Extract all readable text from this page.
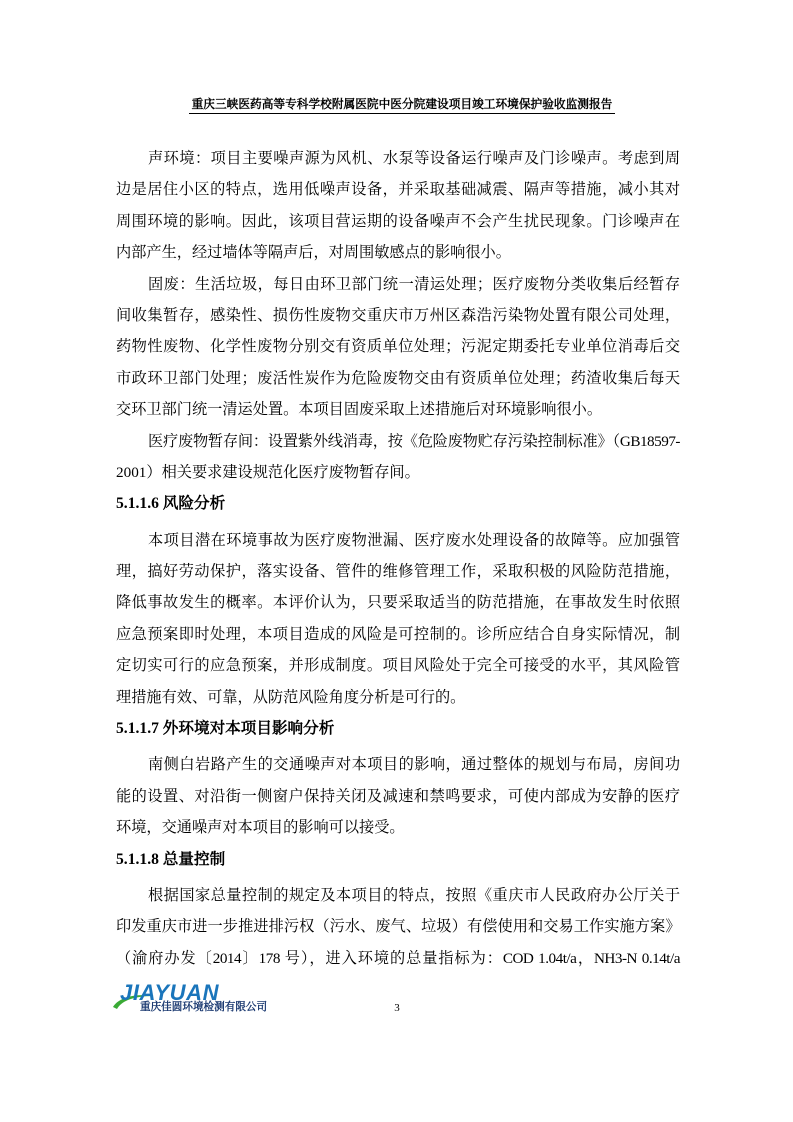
重庆三峡医药高等专科学校附属医院中医分院建设项目竣工环境保护验收监测报告
声环境：项目主要噪声源为风机、水泵等设备运行噪声及门诊噪声。考虑到周
边是居住小区的特点，选用低噪声设备，并采取基础减震、隔声等措施，减小其对
周围环境的影响。因此，该项目营运期的设备噪声不会产生扰民现象。门诊噪声在
内部产生，经过墙体等隔声后，对周围敏感点的影响很小。
固废：生活垃圾，每日由环卫部门统一清运处理；医疗废物分类收集后经暂存
间收集暂存，感染性、损伤性废物交重庆市万州区森浩污染物处置有限公司处理，
药物性废物、化学性废物分别交有资质单位处理；污泥定期委托专业单位消毒后交
市政环卫部门处理；废活性炭作为危险废物交由有资质单位处理；药渣收集后每天
交环卫部门统一清运处置。本项目固废采取上述措施后对环境影响很小。
医疗废物暂存间：设置紫外线消毒，按《危险废物贮存污染控制标准》（GB18597-
2001）相关要求建设规范化医疗废物暂存间。
5.1.1.6 风险分析
本项目潜在环境事故为医疗废物泄漏、医疗废水处理设备的故障等。应加强管
理，搞好劳动保护，落实设备、管件的维修管理工作，采取积极的风险防范措施，
降低事故发生的概率。本评价认为，只要采取适当的防范措施，在事故发生时依照
应急预案即时处理，本项目造成的风险是可控制的。诊所应结合自身实际情况，制
定切实可行的应急预案，并形成制度。项目风险处于完全可接受的水平，其风险管
理措施有效、可靠，从防范风险角度分析是可行的。
5.1.1.7 外环境对本项目影响分析
南侧白岩路产生的交通噪声对本项目的影响，通过整体的规划与布局，房间功
能的设置、对沿街一侧窗户保持关闭及减速和禁鸣要求，可使内部成为安静的医疗
环境，交通噪声对本项目的影响可以接受。
5.1.1.8 总量控制
根据国家总量控制的规定及本项目的特点，按照《重庆市人民政府办公厅关于
印发重庆市进一步推进排污权（污水、废气、垃圾）有偿使用和交易工作实施方案》
（渝府办发〔2014〕178 号），进入环境的总量指标为：COD 1.04t/a，NH3-N 0.14t/a
JIAYUAN
重庆佳圆环境检测有限公司	3
